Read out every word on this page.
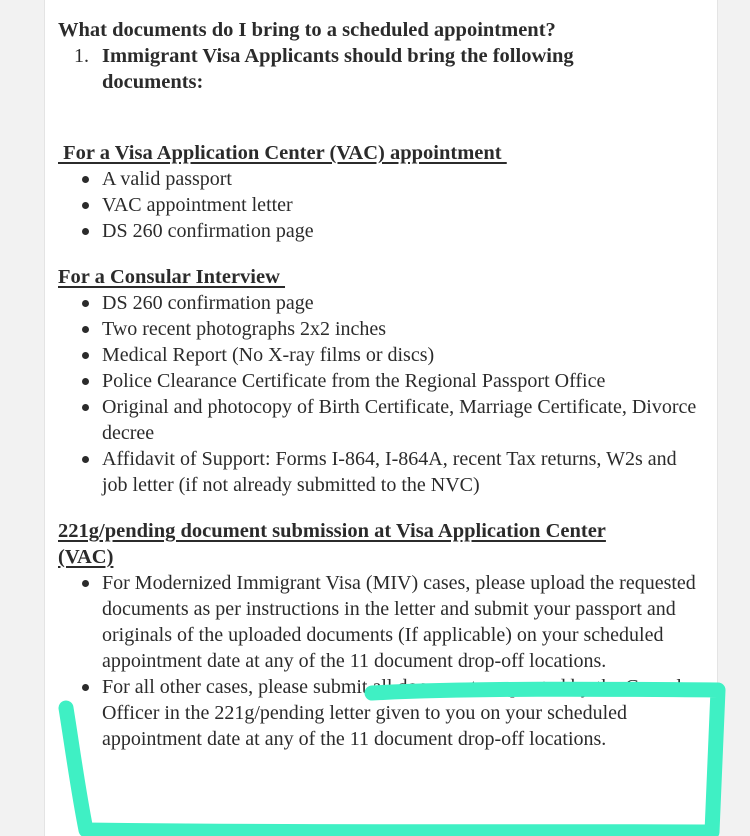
What documents do I bring to a scheduled appointment?
1. Immigrant Visa Applicants should bring the following documents:
For a Visa Application Center (VAC) appointment
A valid passport
VAC appointment letter
DS 260 confirmation page
For a Consular Interview
DS 260 confirmation page
Two recent photographs 2x2 inches
Medical Report (No X-ray films or discs)
Police Clearance Certificate from the Regional Passport Office
Original and photocopy of Birth Certificate, Marriage Certificate, Divorce decree
Affidavit of Support: Forms I-864, I-864A, recent Tax returns, W2s and job letter (if not already submitted to the NVC)
221g/pending document submission at Visa Application Center (VAC)
For Modernized Immigrant Visa (MIV) cases, please upload the requested documents as per instructions in the letter and submit your passport and originals of the uploaded documents (If applicable) on your scheduled appointment date at any of the 11 document drop-off locations.
For all other cases, please submit all documents requested by the Consular Officer in the 221g/pending letter given to you on your scheduled appointment date at any of the 11 document drop-off locations.
